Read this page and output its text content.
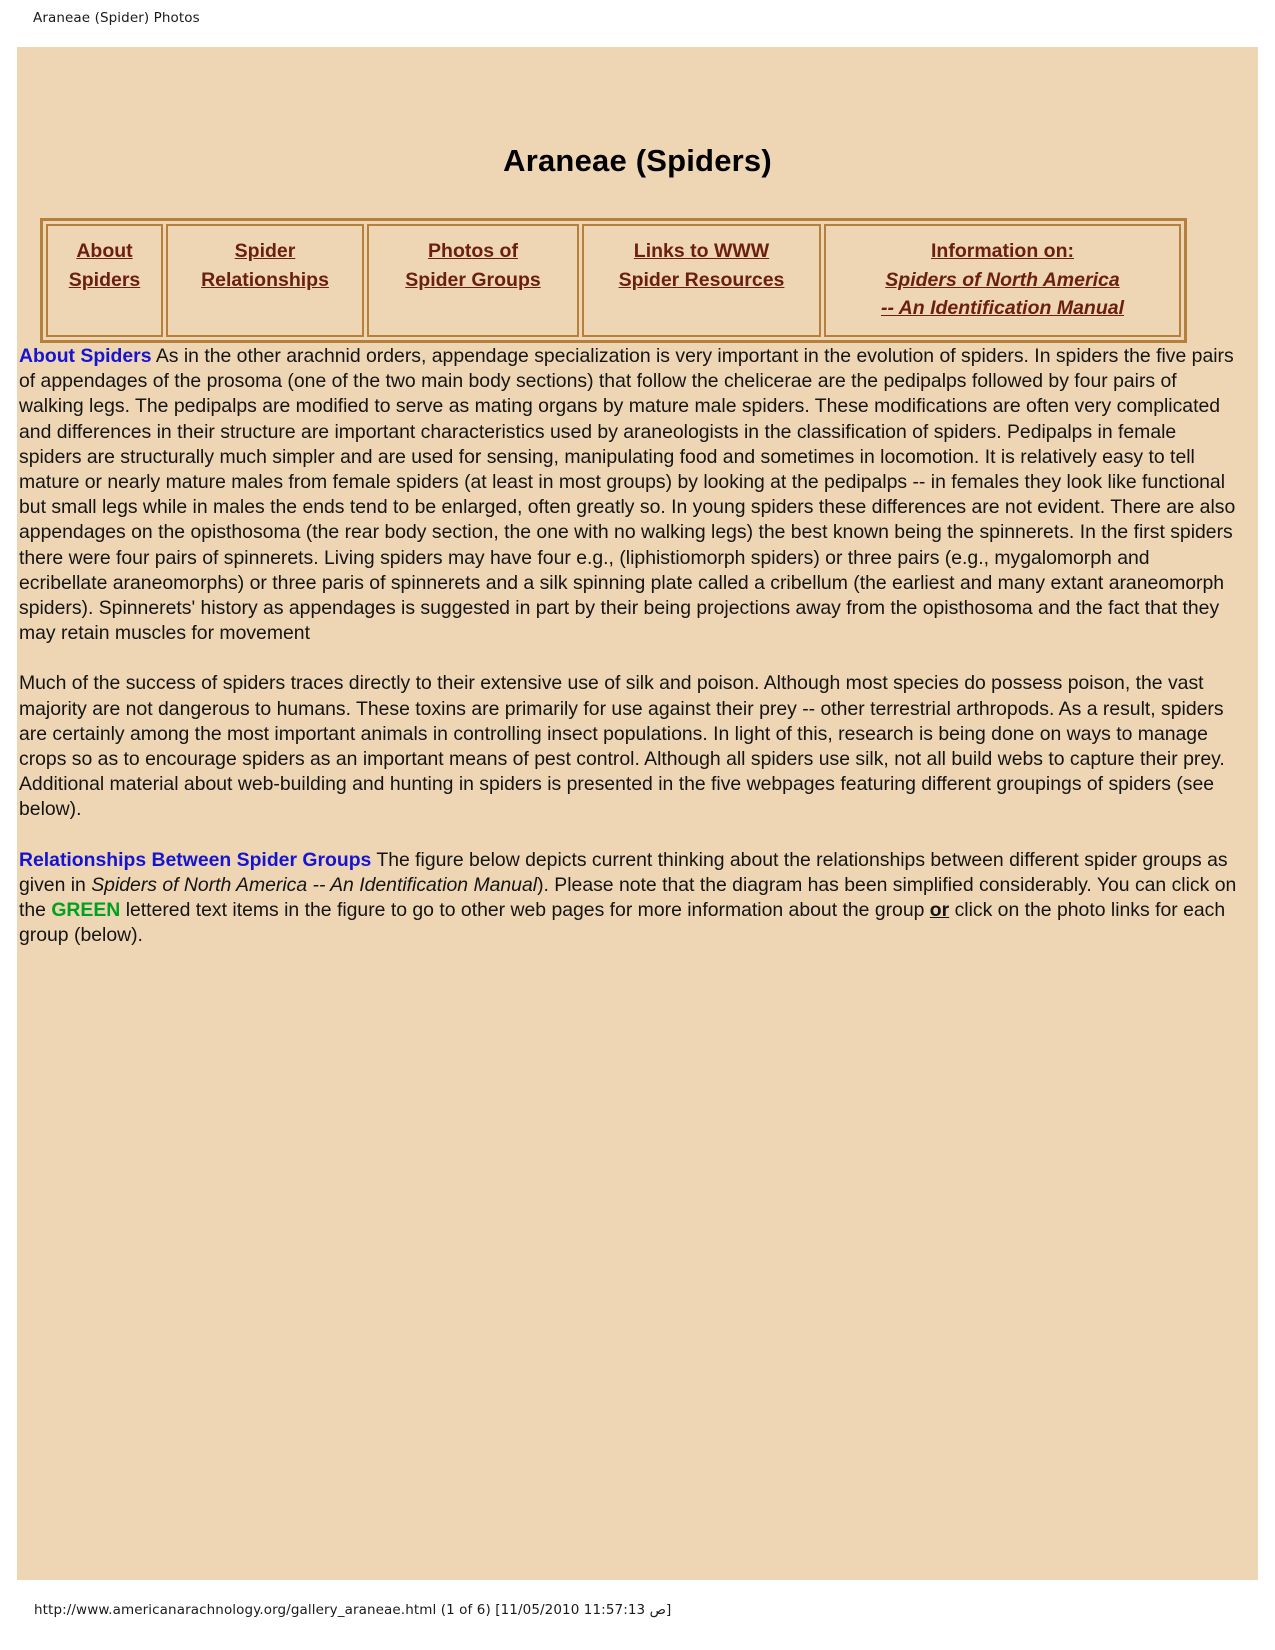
Araneae (Spider) Photos
Araneae (Spiders)
About
Spiders
Spider
Relationships
Photos of
Spider Groups
Links to WWW
Spider Resources
Information on:
Spiders of North America
-- An Identification Manual

About Spiders As in the other arachnid orders, appendage specialization is very important in the evolution of spiders. In spiders the five pairs of appendages of the prosoma (one of the two main body sections) that follow the chelicerae are the pedipalps followed by four pairs of walking legs. The pedipalps are modified to serve as mating organs by mature male spiders. These modifications are often very complicated and differences in their structure are important characteristics used by araneologists in the classification of spiders. Pedipalps in female spiders are structurally much simpler and are used for sensing, manipulating food and sometimes in locomotion. It is relatively easy to tell mature or nearly mature males from female spiders (at least in most groups) by looking at the pedipalps -- in females they look like functional but small legs while in males the ends tend to be enlarged, often greatly so. In young spiders these differences are not evident. There are also appendages on the opisthosoma (the rear body section, the one with no walking legs) the best known being the spinnerets. In the first spiders there were four pairs of spinnerets. Living spiders may have four e.g., (liphistiomorph spiders) or three pairs (e.g., mygalomorph and ecribellate araneomorphs) or three paris of spinnerets and a silk spinning plate called a cribellum (the earliest and many extant araneomorph spiders). Spinnerets' history as appendages is suggested in part by their being projections away from the opisthosoma and the fact that they may retain muscles for movement

Much of the success of spiders traces directly to their extensive use of silk and poison. Although most species do possess poison, the vast majority are not dangerous to humans. These toxins are primarily for use against their prey -- other terrestrial arthropods. As a result, spiders are certainly among the most important animals in controlling insect populations. In light of this, research is being done on ways to manage crops so as to encourage spiders as an important means of pest control. Although all spiders use silk, not all build webs to capture their prey. Additional material about web-building and hunting in spiders is presented in the five webpages featuring different groupings of spiders (see below).

Relationships Between Spider Groups The figure below depicts current thinking about the relationships between different spider groups as given in Spiders of North America -- An Identification Manual). Please note that the diagram has been simplified considerably. You can click on the GREEN lettered text items in the figure to go to other web pages for more information about the group or click on the photo links for each group (below).

http://www.americanarachnology.org/gallery_araneae.html (1 of 6) [11/05/2010 11:57:13 ص]
